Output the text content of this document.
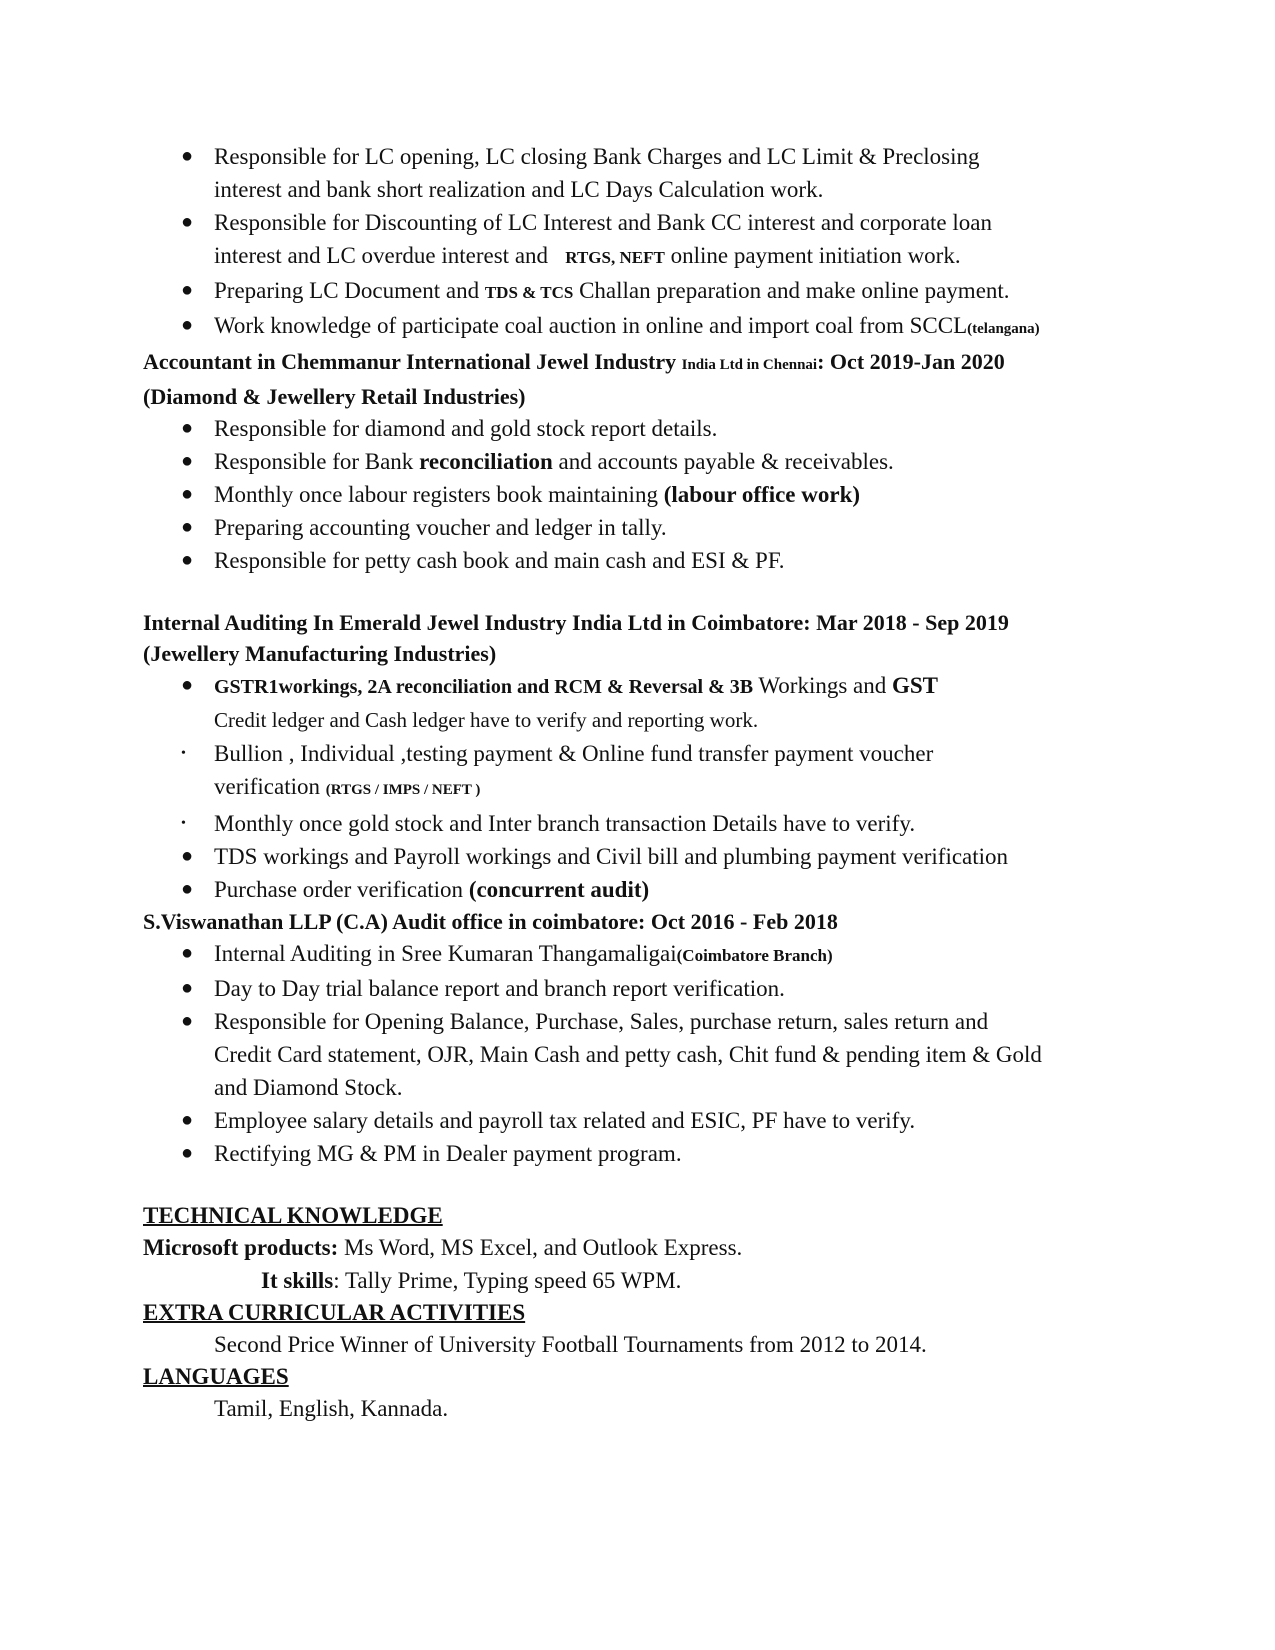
● Responsible for LC opening, LC closing Bank Charges and LC Limit & Preclosing
interest and bank short realization and LC Days Calculation work.
● Responsible for Discounting of LC Interest and Bank CC interest and corporate loan
interest and LC overdue interest and   RTGS, NEFT online payment initiation work.
● Preparing LC Document and TDS & TCS Challan preparation and make online payment.
● Work knowledge of participate coal auction in online and import coal from SCCL(telangana)
Accountant in Chemmanur International Jewel Industry India Ltd in Chennai: Oct 2019-Jan 2020
(Diamond & Jewellery Retail Industries)
● Responsible for diamond and gold stock report details.
● Responsible for Bank reconciliation and accounts payable & receivables.
● Monthly once labour registers book maintaining (labour office work)
● Preparing accounting voucher and ledger in tally.
● Responsible for petty cash book and main cash and ESI & PF.
Internal Auditing In Emerald Jewel Industry India Ltd in Coimbatore: Mar 2018 - Sep 2019
(Jewellery Manufacturing Industries)
●	GSTR1workings, 2A reconciliation and RCM & Reversal & 3B Workings and GST
Credit ledger and Cash ledger have to verify and reporting work.
•	Bullion , Individual ,testing payment & Online fund transfer payment voucher
verification (RTGS / IMPS / NEFT )
•	Monthly once gold stock and Inter branch transaction Details have to verify.
● TDS workings and Payroll workings and Civil bill and plumbing payment verification
● Purchase order verification (concurrent audit)
S.Viswanathan LLP (C.A) Audit office in coimbatore: Oct 2016 - Feb 2018
● Internal Auditing in Sree Kumaran Thangamaligai(Coimbatore Branch)
● Day to Day trial balance report and branch report verification.
● Responsible for Opening Balance, Purchase, Sales, purchase return, sales return and
Credit Card statement, OJR, Main Cash and petty cash, Chit fund & pending item & Gold
and Diamond Stock.
● Employee salary details and payroll tax related and ESIC, PF have to verify.
● Rectifying MG & PM in Dealer payment program.
TECHNICAL KNOWLEDGE
Microsoft products: Ms Word, MS Excel, and Outlook Express.
It skills: Tally Prime, Typing speed 65 WPM.
EXTRA CURRICULAR ACTIVITIES
Second Price Winner of University Football Tournaments from 2012 to 2014.
LANGUAGES
Tamil, English, Kannada.
